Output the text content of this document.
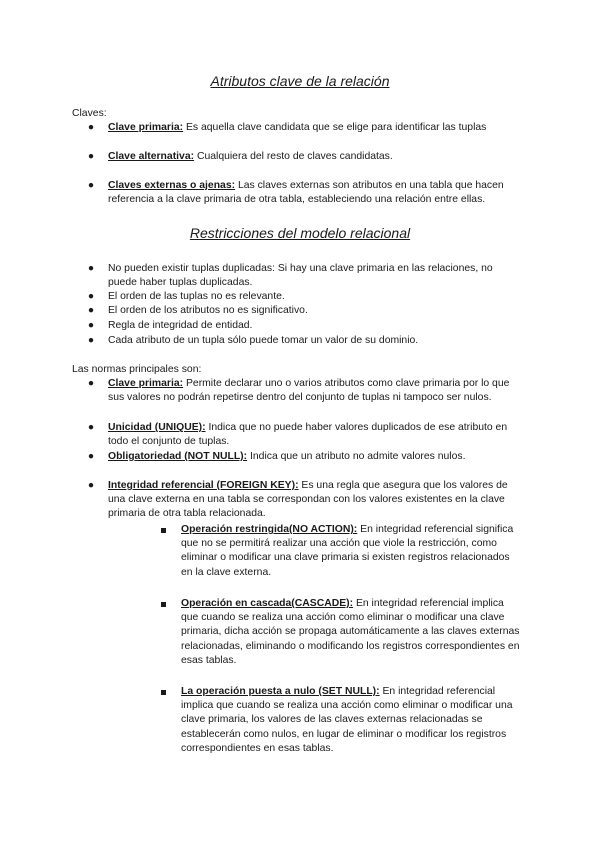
Atributos clave de la relación

Claves:

● Clave primaria: Es aquella clave candidata que se elige para identificar las tuplas
● Clave alternativa: Cualquiera del resto de claves candidatas.
● Claves externas o ajenas: Las claves externas son atributos en una tabla que hacen referencia a la clave primaria de otra tabla, estableciendo una relación entre ellas.
Restricciones del modelo relacional
● No pueden existir tuplas duplicadas: Si hay una clave primaria en las relaciones, no puede haber tuplas duplicadas.
● El orden de las tuplas no es relevante.
● El orden de los atributos no es significativo.
● Regla de integridad de entidad.
● Cada atributo de un tupla sólo puede tomar un valor de su dominio.

Las normas principales son:

● Clave primaria: Permite declarar uno o varios atributos como clave primaria por lo que sus valores no podrán repetirse dentro del conjunto de tuplas ni tampoco ser nulos.
● Unicidad (UNIQUE): Indica que no puede haber valores duplicados de ese atributo en todo el conjunto de tuplas.
● Obligatoriedad (NOT NULL): Indica que un atributo no admite valores nulos.
● Integridad referencial (FOREIGN KEY): Es una regla que asegura que los valores de una clave externa en una tabla se correspondan con los valores existentes en la clave primaria de otra tabla relacionada.
Operación restringida(NO ACTION): En integridad referencial significa que no se permitirá realizar una acción que viole la restricción, como eliminar o modificar una clave primaria si existen registros relacionados en la clave externa.
Operación en cascada(CASCADE): En integridad referencial implica que cuando se realiza una acción como eliminar o modificar una clave primaria, dicha acción se propaga automáticamente a las claves externas relacionadas, eliminando o modificando los registros correspondientes en esas tablas.
La operación puesta a nulo (SET NULL): En integridad referencial implica que cuando se realiza una acción como eliminar o modificar una clave primaria, los valores de las claves externas relacionadas se establecerán como nulos, en lugar de eliminar o modificar los registros correspondientes en esas tablas.
